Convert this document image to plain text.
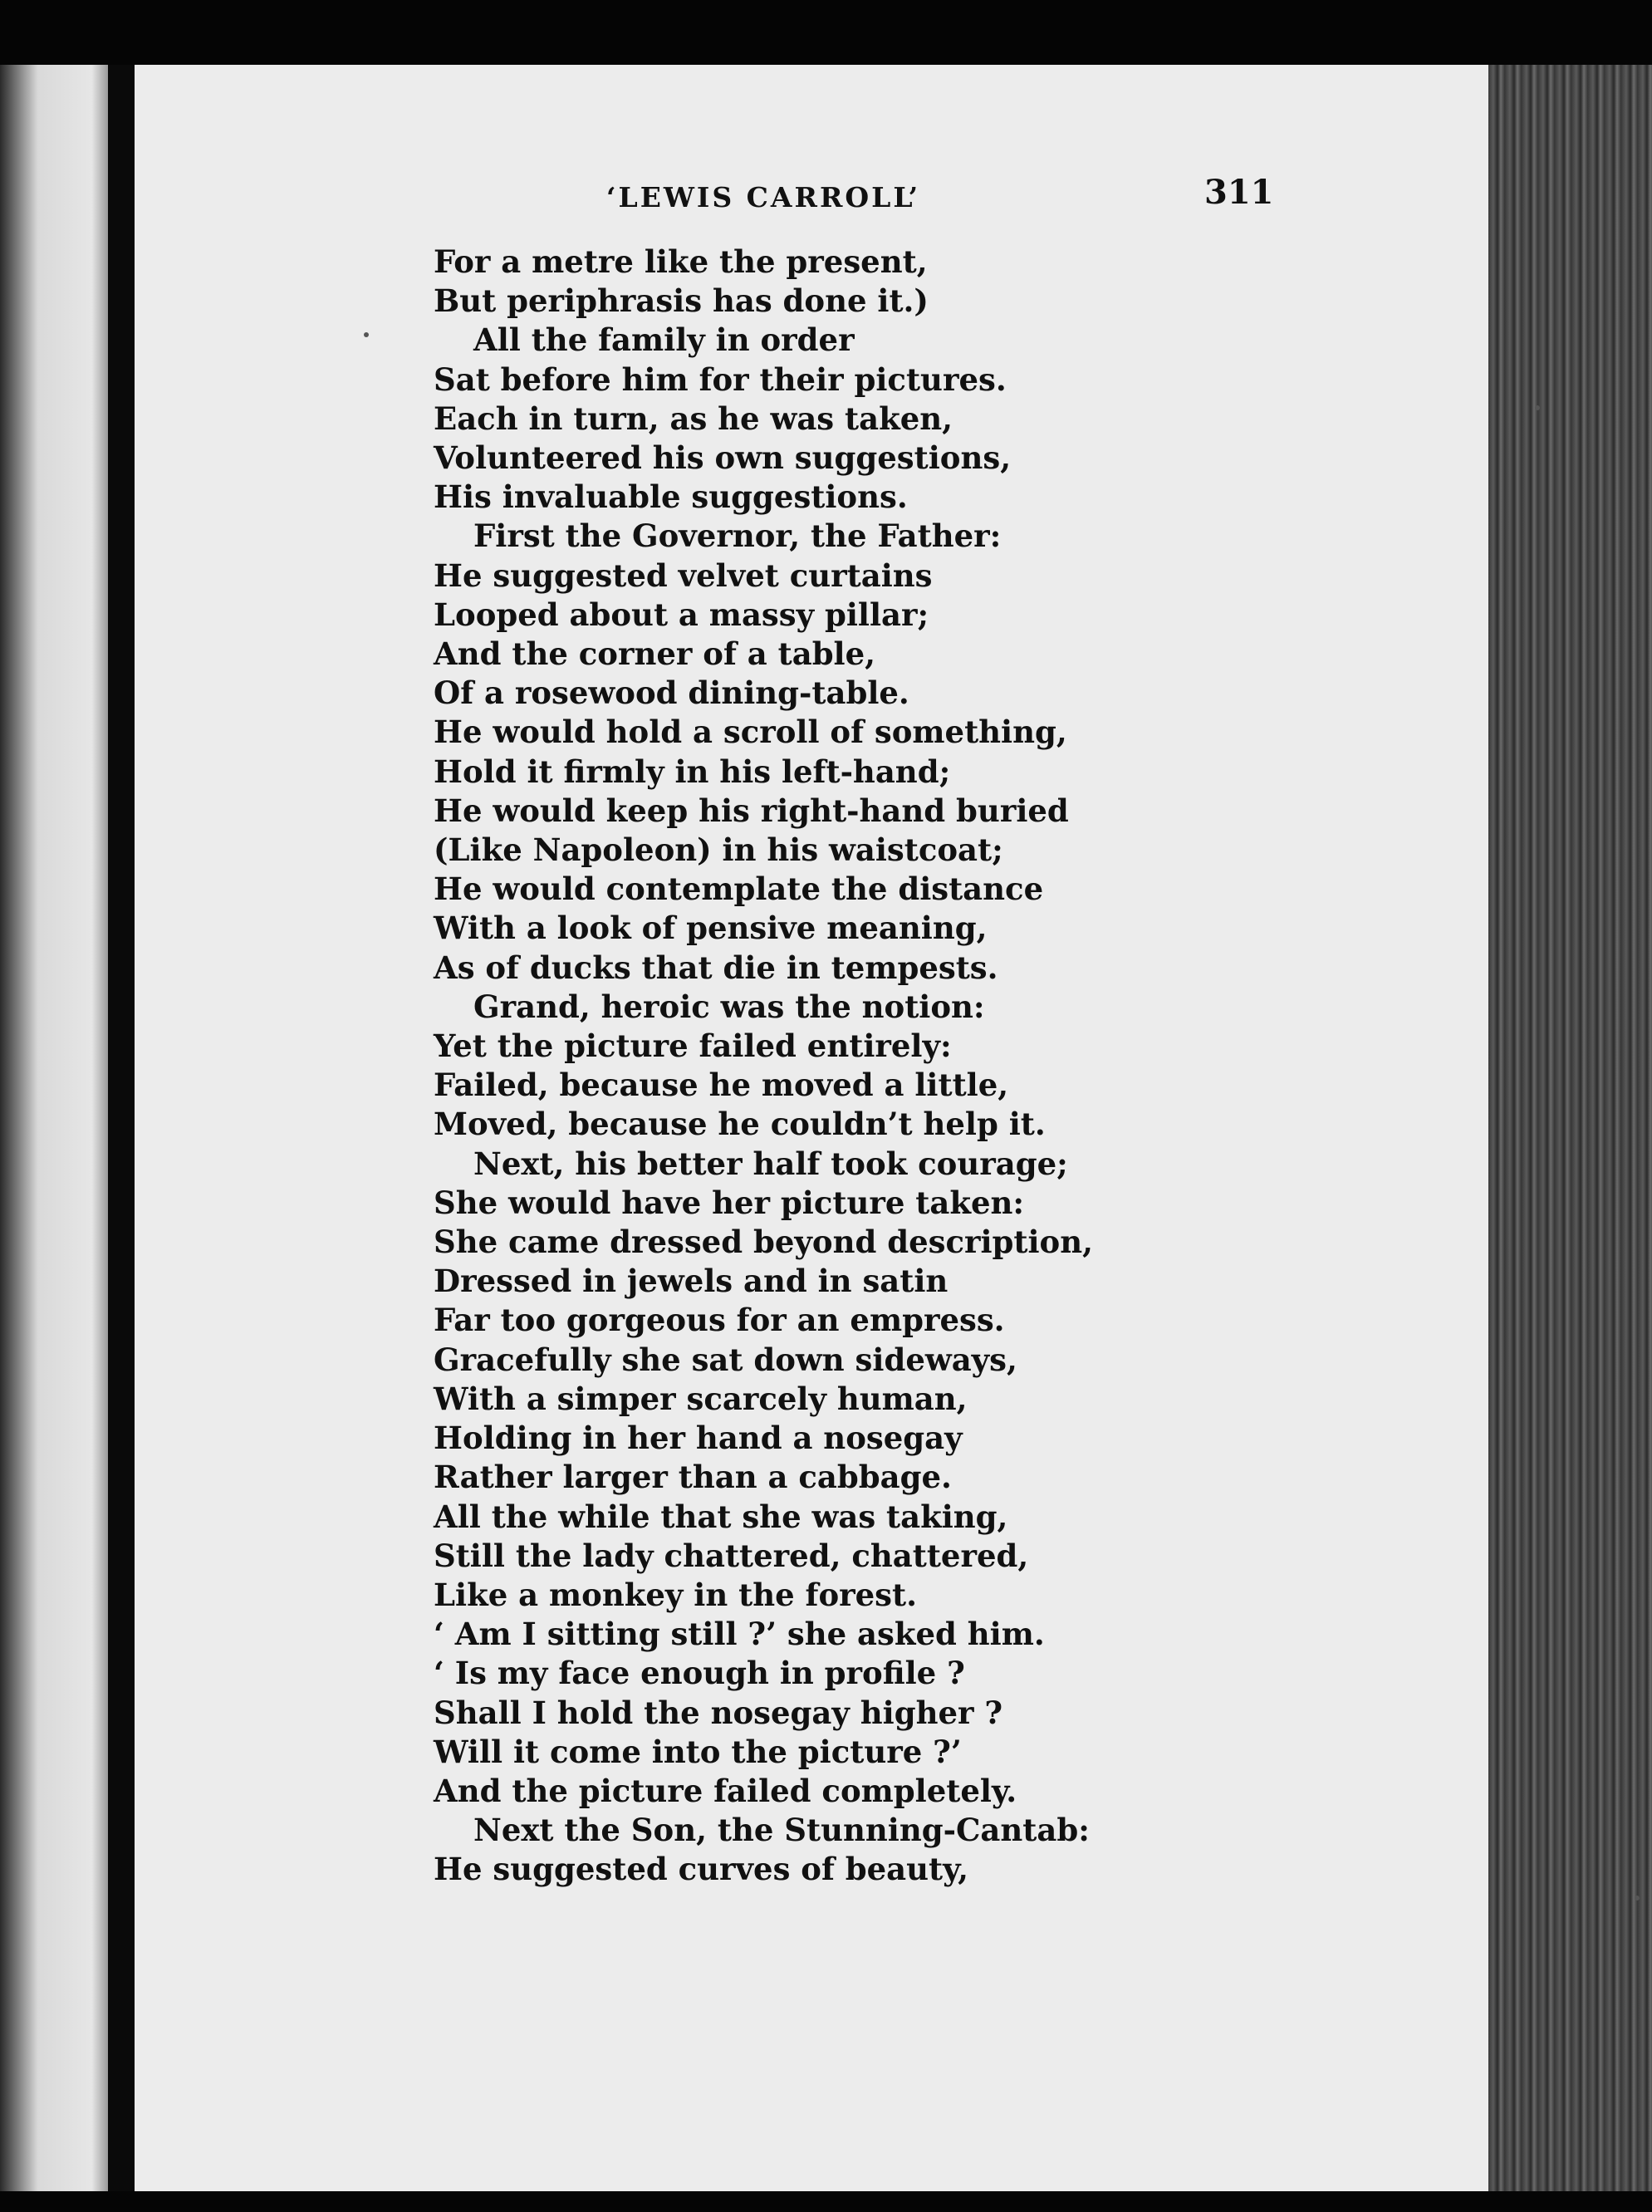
‘LEWIS CARROLL’	311
For a metre like the present,
But periphrasis has done it.)
All the family in order
Sat before him for their pictures.
Each in turn, as he was taken,
Volunteered his own suggestions,
His invaluable suggestions.
First the Governor, the Father:
He suggested velvet curtains
Looped about a massy pillar;
And the corner of a table,
Of a rosewood dining-table.
He would hold a scroll of something,
Hold it firmly in his left-hand;
He would keep his right-hand buried
(Like Napoleon) in his waistcoat;
He would contemplate the distance
With a look of pensive meaning,
As of ducks that die in tempests.
Grand, heroic was the notion:
Yet the picture failed entirely:
Failed, because he moved a little,
Moved, because he couldn’t help it.
Next, his better half took courage;
She would have her picture taken:
She came dressed beyond description,
Dressed in jewels and in satin
Far too gorgeous for an empress.
Gracefully she sat down sideways,
With a simper scarcely human,
Holding in her hand a nosegay
Rather larger than a cabbage.
All the while that she was taking,
Still the lady chattered, chattered,
Like a monkey in the forest.
‘ Am I sitting still ?’ she asked him.
‘ Is my face enough in profile ?
Shall I hold the nosegay higher ?
Will it come into the picture ?’
And the picture failed completely.
Next the Son, the Stunning-Cantab:
He suggested curves of beauty,
